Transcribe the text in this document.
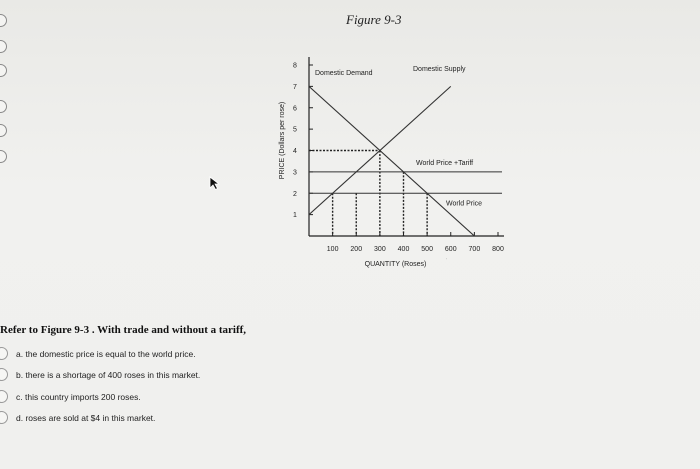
Figure 9-3
1
2
3
4
5
6
7
8
100 200 300 400 500 600 700 800
Domestic Demand
Domestic Supply
World Price +Tariff
World Price
QUANTITY (Roses)
PRICE (Dollars per rose)
˙
Refer to Figure 9-3 . With trade and without a tariff,
a. the domestic price is equal to the world price.
b. there is a shortage of 400 roses in this market.
c. this country imports 200 roses.
d. roses are sold at $4 in this market.
